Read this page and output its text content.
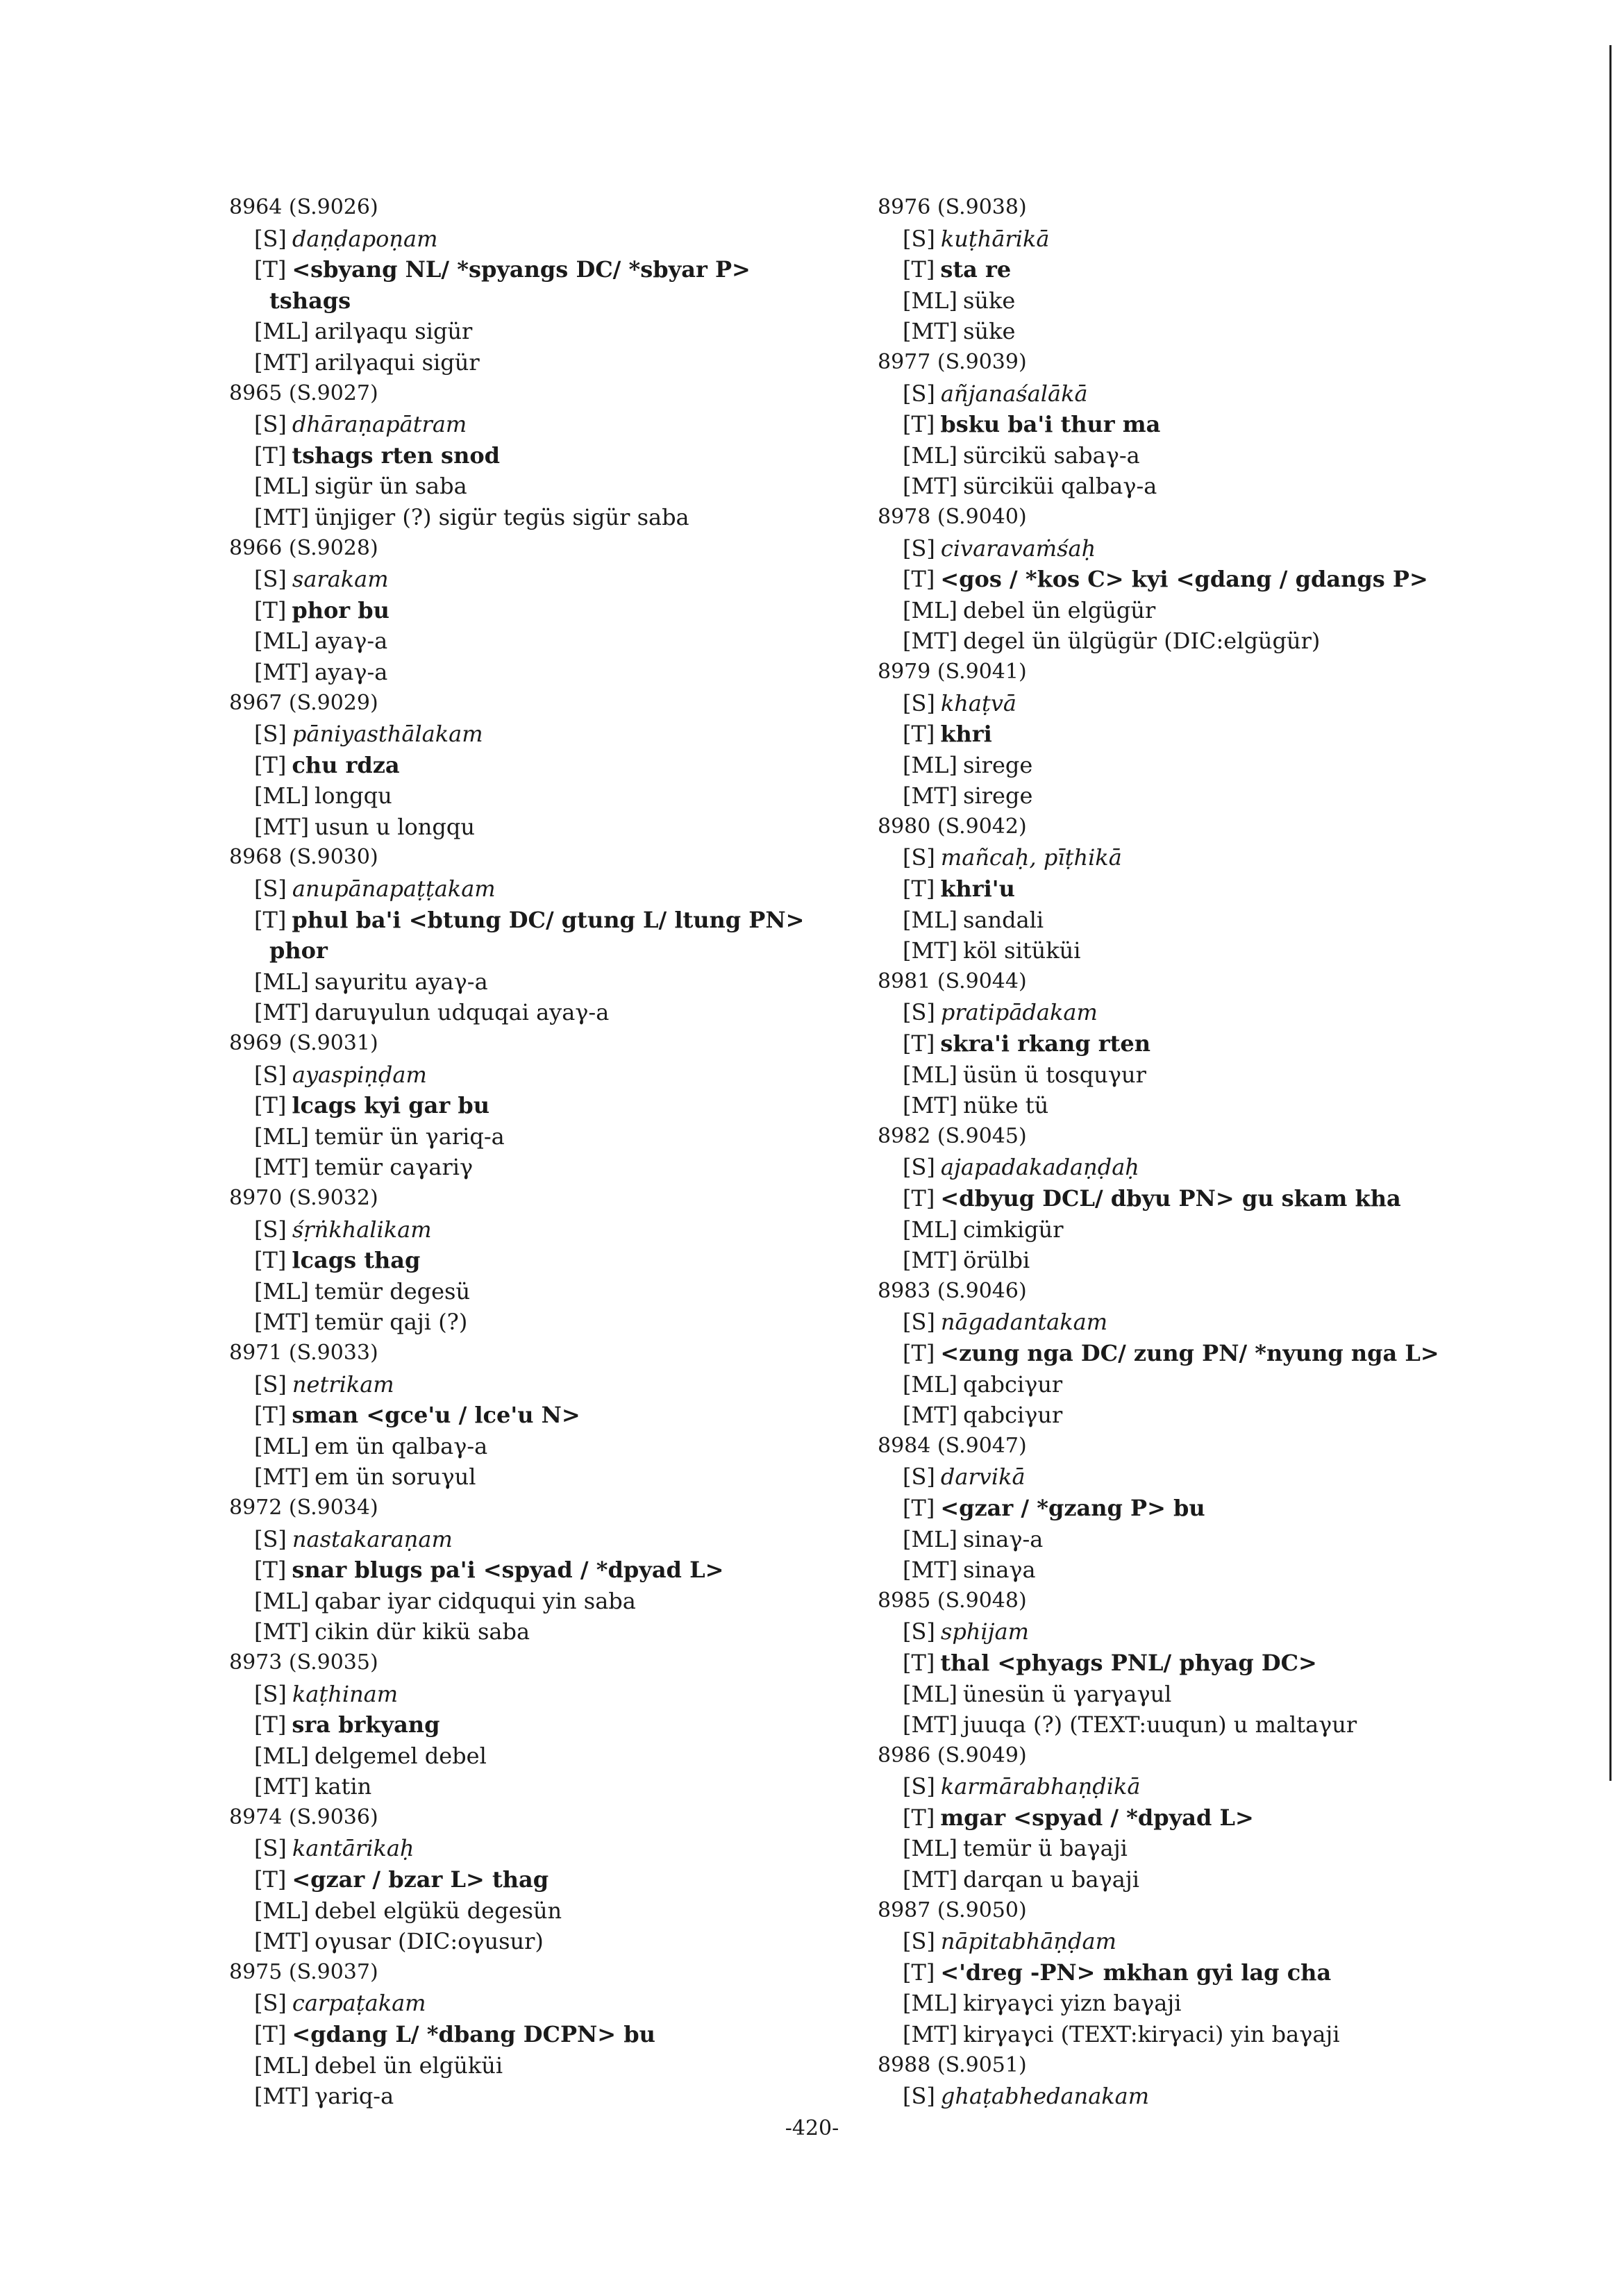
8964 (S.9026)
[S] daṇḍapoṇam
[T] <sbyang NL/ *spyangs DC/ *sbyar P>
tshags
[ML] arilγaqu sigür
[MT] arilγaqui sigür
8965 (S.9027)
[S] dhāraṇapātram
[T] tshags rten snod
[ML] sigür ün saba
[MT] ünjiger (?) sigür tegüs sigür saba
8966 (S.9028)
[S] sarakam
[T] phor bu
[ML] ayaγ-a
[MT] ayaγ-a
8967 (S.9029)
[S] pāniyasthālakam
[T] chu rdza
[ML] longqu
[MT] usun u longqu
8968 (S.9030)
[S] anupānapaṭṭakam
[T] phul ba'i <btung DC/ gtung L/ ltung PN>
phor
[ML] saγuritu ayaγ-a
[MT] daruγulun udquqai ayaγ-a
8969 (S.9031)
[S] ayaspiṇḍam
[T] lcags kyi gar bu
[ML] temür ün γariq-a
[MT] temür caγariγ
8970 (S.9032)
[S] śṛṅkhalikam
[T] lcags thag
[ML] temür degesü
[MT] temür qaji (?)
8971 (S.9033)
[S] netrikam
[T] sman <gce'u / lce'u N>
[ML] em ün qalbaγ-a
[MT] em ün soruγul
8972 (S.9034)
[S] nastakaraṇam
[T] snar blugs pa'i <spyad / *dpyad L>
[ML] qabar iyar cidququi yin saba
[MT] cikin dür kikü saba
8973 (S.9035)
[S] kaṭhinam
[T] sra brkyang
[ML] delgemel debel
[MT] katin
8974 (S.9036)
[S] kantārikaḥ
[T] <gzar / bzar L> thag
[ML] debel elgükü degesün
[MT] oγusar (DIC:oγusur)
8975 (S.9037)
[S] carpaṭakam
[T] <gdang L/ *dbang DCPN> bu
[ML] debel ün elgüküi
[MT] γariq-a
8976 (S.9038)
[S] kuṭhārikā
[T] sta re
[ML] süke
[MT] süke
8977 (S.9039)
[S] añjanaśalākā
[T] bsku ba'i thur ma
[ML] sürcikü sabaγ-a
[MT] sürciküi qalbaγ-a
8978 (S.9040)
[S] civaravaṁśaḥ
[T] <gos / *kos C> kyi <gdang / gdangs P>
[ML] debel ün elgügür
[MT] degel ün ülgügür (DIC:elgügür)
8979 (S.9041)
[S] khaṭvā
[T] khri
[ML] sirege
[MT] sirege
8980 (S.9042)
[S] mañcaḥ, pīṭhikā
[T] khri'u
[ML] sandali
[MT] köl sitüküi
8981 (S.9044)
[S] pratipādakam
[T] skra'i rkang rten
[ML] üsün ü tosquγur
[MT] nüke tü
8982 (S.9045)
[S] ajapadakadaṇḍaḥ
[T] <dbyug DCL/ dbyu PN> gu skam kha
[ML] cimkigür
[MT] örülbi
8983 (S.9046)
[S] nāgadantakam
[T] <zung nga DC/ zung PN/ *nyung nga L>
[ML] qabciγur
[MT] qabciγur
8984 (S.9047)
[S] darvikā
[T] <gzar / *gzang P> bu
[ML] sinaγ-a
[MT] sinaγa
8985 (S.9048)
[S] sphijam
[T] thal <phyags PNL/ phyag DC>
[ML] ünesün ü γarγaγul
[MT] juuqa (?) (TEXT:uuqun) u maltaγur
8986 (S.9049)
[S] karmārabhaṇḍikā
[T] mgar <spyad / *dpyad L>
[ML] temür ü baγaji
[MT] darqan u baγaji
8987 (S.9050)
[S] nāpitabhāṇḍam
[T] <'dreg -PN> mkhan gyi lag cha
[ML] kirγaγci yizn baγaji
[MT] kirγaγci (TEXT:kirγaci) yin baγaji
8988 (S.9051)
[S] ghaṭabhedanakam
-420-
